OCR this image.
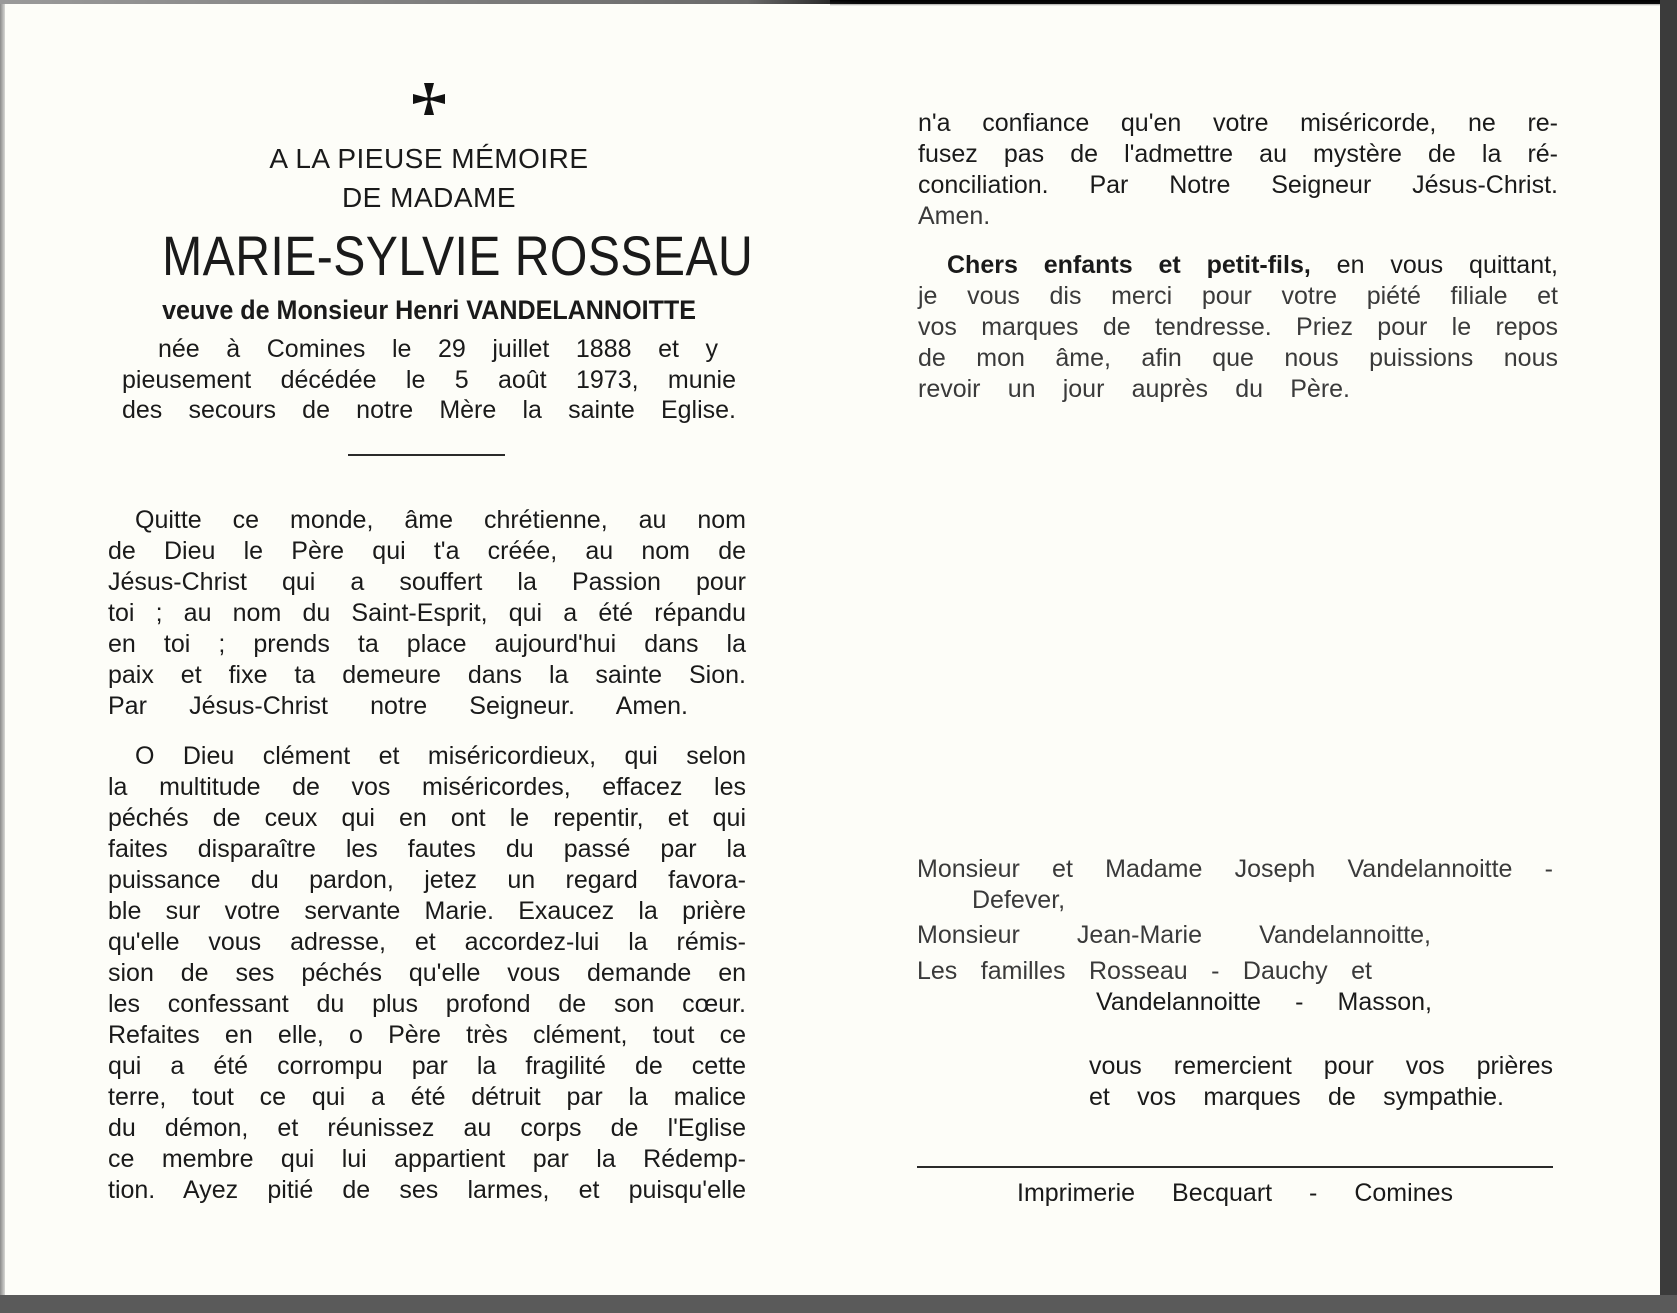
A LA PIEUSE MÉMOIRE
DE MADAME
MARIE-SYLVIE ROSSEAU
veuve de Monsieur Henri VANDELANNOITTE
née à Comines le 29 juillet 1888 et y
pieusement décédée le 5 août 1973, munie
des secours de notre Mère la sainte Eglise.
Quitte ce monde, âme chrétienne, au nom
de Dieu le Père qui t'a créée, au nom de
Jésus-Christ qui a souffert la Passion pour
toi ; au nom du Saint-Esprit, qui a été répandu
en toi ; prends ta place aujourd'hui dans la
paix et fixe ta demeure dans la sainte Sion.
Par Jésus-Christ notre Seigneur. Amen.
O Dieu clément et miséricordieux, qui selon
la multitude de vos miséricordes, effacez les
péchés de ceux qui en ont le repentir, et qui
faites disparaître les fautes du passé par la
puissance du pardon, jetez un regard favora-
ble sur votre servante Marie. Exaucez la prière
qu'elle vous adresse, et accordez-lui la rémis-
sion de ses péchés qu'elle vous demande en
les confessant du plus profond de son cœur.
Refaites en elle, o Père très clément, tout ce
qui a été corrompu par la fragilité de cette
terre, tout ce qui a été détruit par la malice
du démon, et réunissez au corps de l'Eglise
ce membre qui lui appartient par la Rédemp-
tion. Ayez pitié de ses larmes, et puisqu'elle
n'a confiance qu'en votre miséricorde, ne re-
fusez pas de l'admettre au mystère de la ré-
conciliation. Par Notre Seigneur Jésus-Christ.
Amen.
Chers enfants et petit-fils, en vous quittant,
je vous dis merci pour votre piété filiale et
vos marques de tendresse. Priez pour le repos
de mon âme, afin que nous puissions nous
revoir un jour auprès du Père.
Monsieur et Madame Joseph Vandelannoitte -
Defever,
Monsieur Jean-Marie Vandelannoitte,
Les familles Rosseau - Dauchy et
Vandelannoitte - Masson,
vous remercient pour vos prières
et vos marques de sympathie.
Imprimerie Becquart - Comines
